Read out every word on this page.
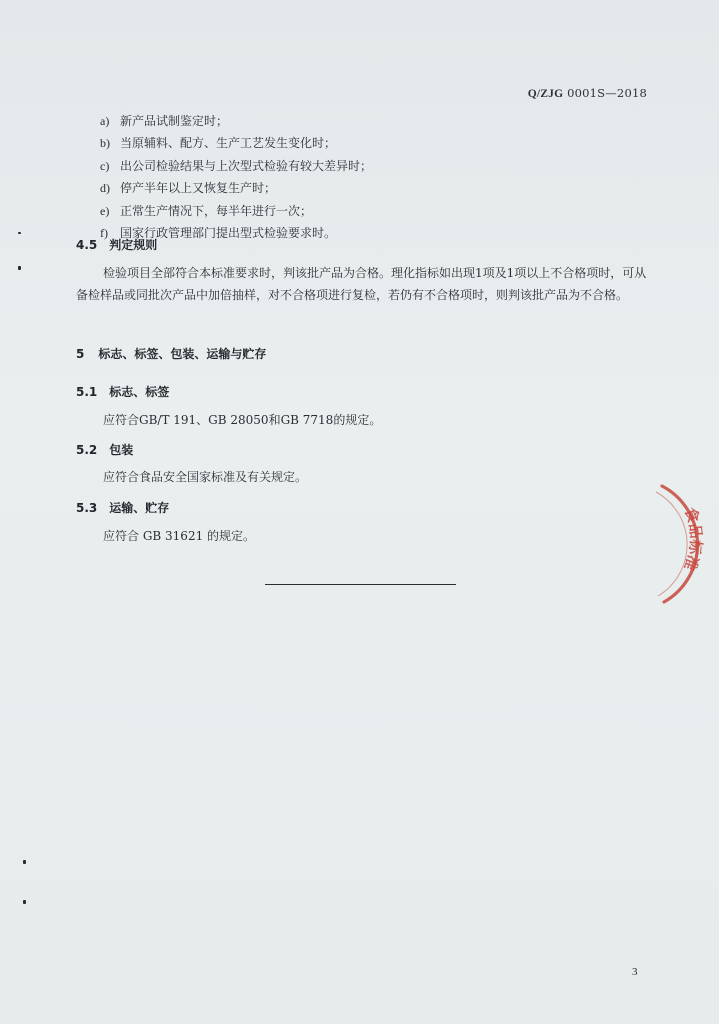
Q/ZJG 0001S—2018
a) 新产品试制鉴定时；
b) 当原辅料、配方、生产工艺发生变化时；
c) 出公司检验结果与上次型式检验有较大差异时；
d) 停产半年以上又恢复生产时；
e) 正常生产情况下，每半年进行一次；
f) 国家行政管理部门提出型式检验要求时。
4.5 判定规则
检验项目全部符合本标准要求时，判该批产品为合格。理化指标如出现1项及1项以上不合格项时，可从备检样品或同批次产品中加倍抽样，对不合格项进行复检，若仍有不合格项时，则判该批产品为不合格。
5 标志、标签、包装、运输与贮存
5.1 标志、标签
应符合GB/T 191、GB 28050和GB 7718的规定。
5.2 包装
应符合食品安全国家标准及有关规定。
5.3 运输、贮存
应符合 GB 31621 的规定。
食品标准
3
